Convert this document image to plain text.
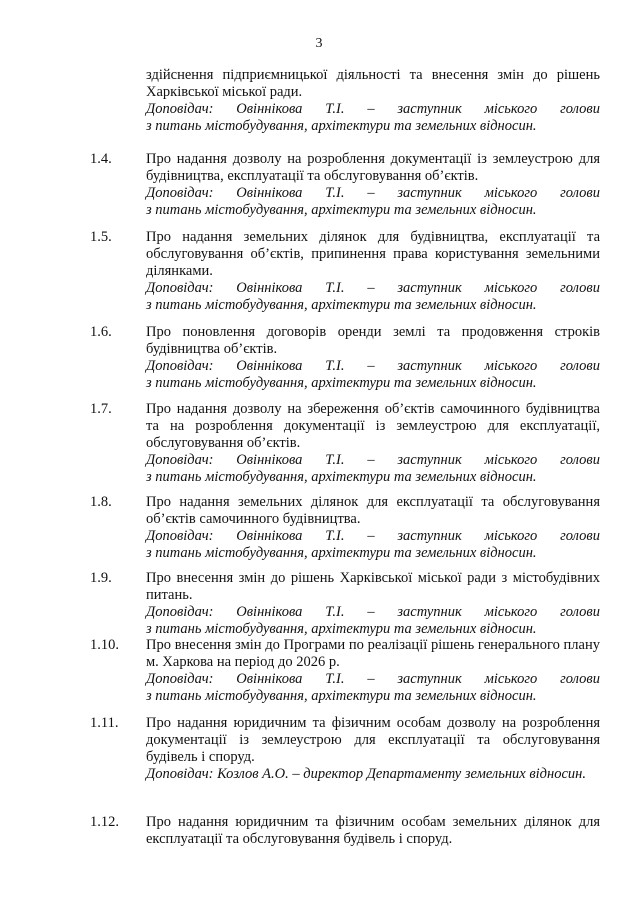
3
здійснення підприємницької діяльності та внесення змін до рішень Харківської міської ради.
Доповідач: Овіннікова Т.І. – заступник міського голови
з питань містобудування, архітектури та земельних відносин.
1.4. Про надання дозволу на розроблення документації із землеустрою для будівництва, експлуатації та обслуговування об’єктів.
Доповідач: Овіннікова Т.І. – заступник міського голови
з питань містобудування, архітектури та земельних відносин.
1.5. Про надання земельних ділянок для будівництва, експлуатації та обслуговування об’єктів, припинення права користування земельними ділянками.
Доповідач: Овіннікова Т.І. – заступник міського голови
з питань містобудування, архітектури та земельних відносин.
1.6. Про поновлення договорів оренди землі та продовження строків будівництва об’єктів.
Доповідач: Овіннікова Т.І. – заступник міського голови
з питань містобудування, архітектури та земельних відносин.
1.7. Про надання дозволу на збереження об’єктів самочинного будівництва та на розроблення документації із землеустрою для експлуатації, обслуговування об’єктів.
Доповідач: Овіннікова Т.І. – заступник міського голови
з питань містобудування, архітектури та земельних відносин.
1.8. Про надання земельних ділянок для експлуатації та обслуговування об’єктів самочинного будівництва.
Доповідач: Овіннікова Т.І. – заступник міського голови
з питань містобудування, архітектури та земельних відносин.
1.9. Про внесення змін до рішень Харківської міської ради з містобудівних питань.
Доповідач: Овіннікова Т.І. – заступник міського голови
з питань містобудування, архітектури та земельних відносин.
1.10. Про внесення змін до Програми по реалізації рішень генерального плану м. Харкова на період до 2026 р.
Доповідач: Овіннікова Т.І. – заступник міського голови
з питань містобудування, архітектури та земельних відносин.
1.11. Про надання юридичним та фізичним особам дозволу на розроблення документації із землеустрою для експлуатації та обслуговування будівель і споруд.
Доповідач: Козлов А.О. – директор Департаменту земельних відносин.
1.12. Про надання юридичним та фізичним особам земельних ділянок для експлуатації та обслуговування будівель і споруд.
